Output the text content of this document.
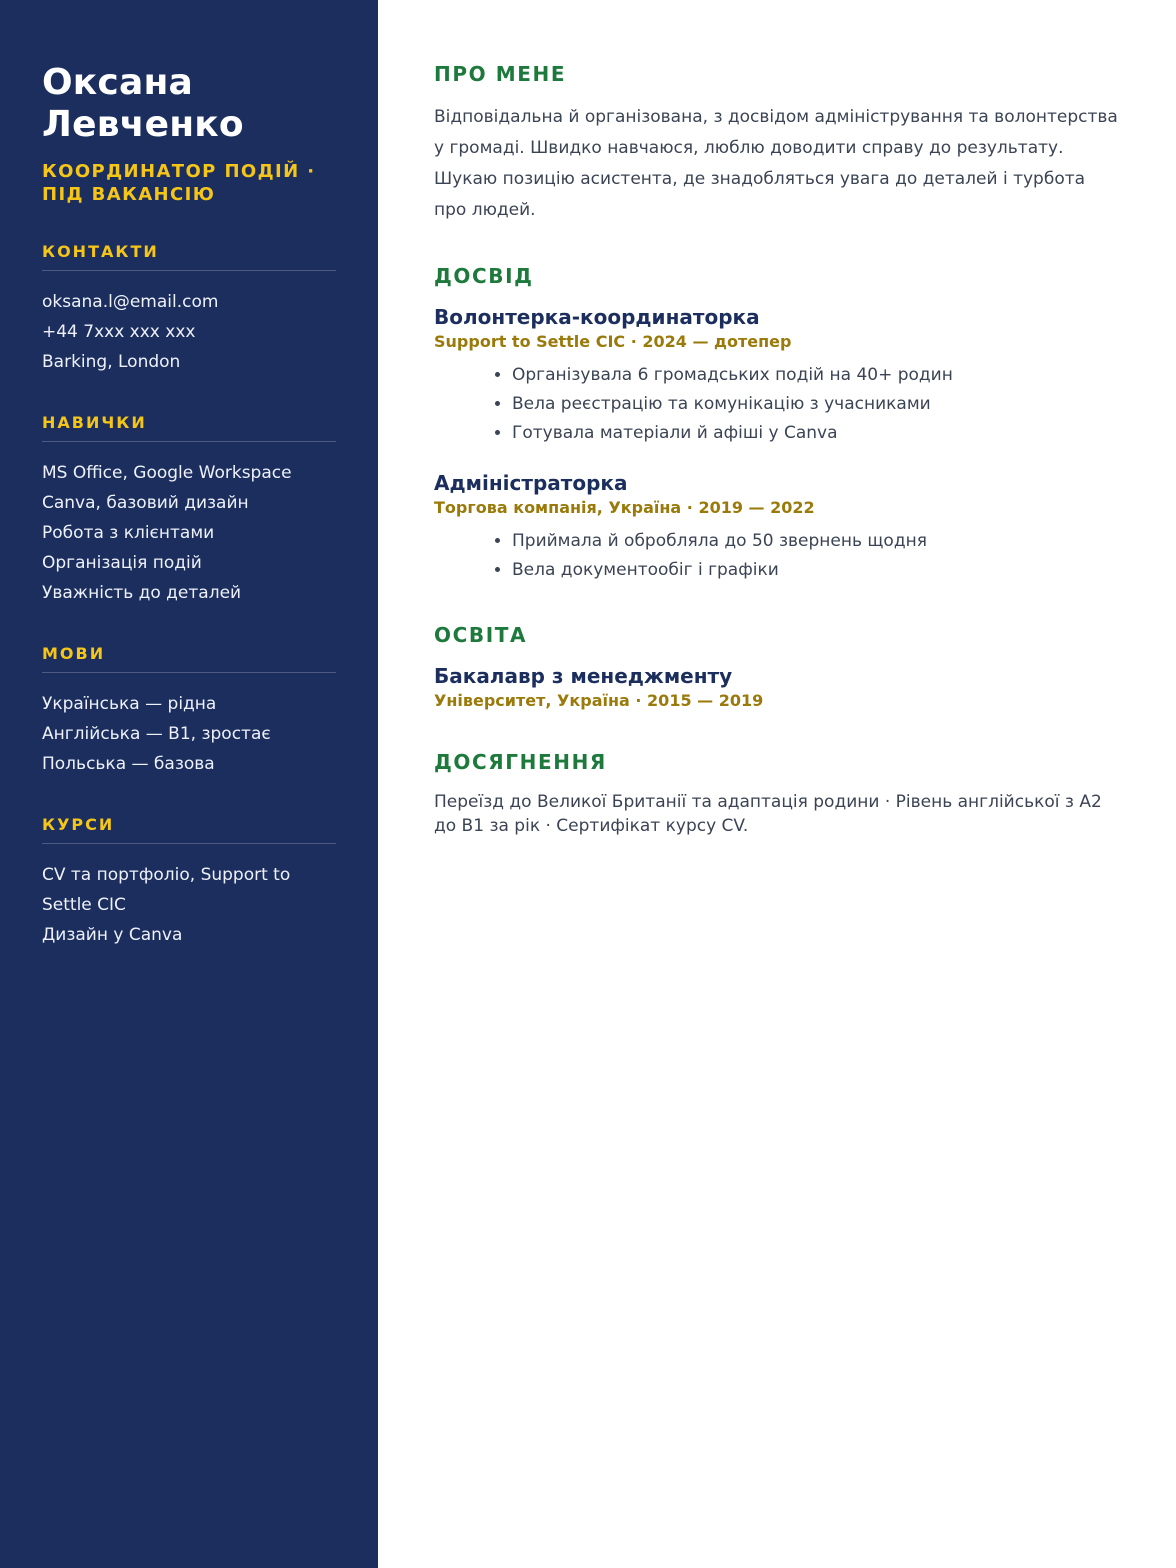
Оксана
Левченко
КООРДИНАТОР ПОДІЙ · ПІД ВАКАНСІЮ
КОНТАКТИ
oksana.l@email.com
+44 7xxx xxx xxx
Barking, London
НАВИЧКИ
MS Office, Google Workspace
Canva, базовий дизайн
Робота з клієнтами
Організація подій
Уважність до деталей
МОВИ
Українська — рідна
Англійська — B1, зростає
Польська — базова
КУРСИ
CV та портфоліо, Support to Settle CIC
Дизайн у Canva
ПРО МЕНЕ

Відповідальна й організована, з досвідом адміністрування та волонтерства у громаді. Швидко навчаюся, люблю доводити справу до результату. Шукаю позицію асистента, де знадобляться увага до деталей і турбота про людей.

ДОСВІД
Волонтерка-координаторка
Support to Settle CIC · 2024 — дотепер
• Організувала 6 громадських подій на 40+ родин
• Вела реєстрацію та комунікацію з учасниками
• Готувала матеріали й афіші у Canva
Адміністраторка
Торгова компанія, Україна · 2019 — 2022
• Приймала й обробляла до 50 звернень щодня
• Вела документообіг і графіки
ОСВІТА
Бакалавр з менеджменту
Університет, Україна · 2015 — 2019
ДОСЯГНЕННЯ

Переїзд до Великої Британії та адаптація родини · Рівень англійської з A2 до B1 за рік · Сертифікат курсу CV.
